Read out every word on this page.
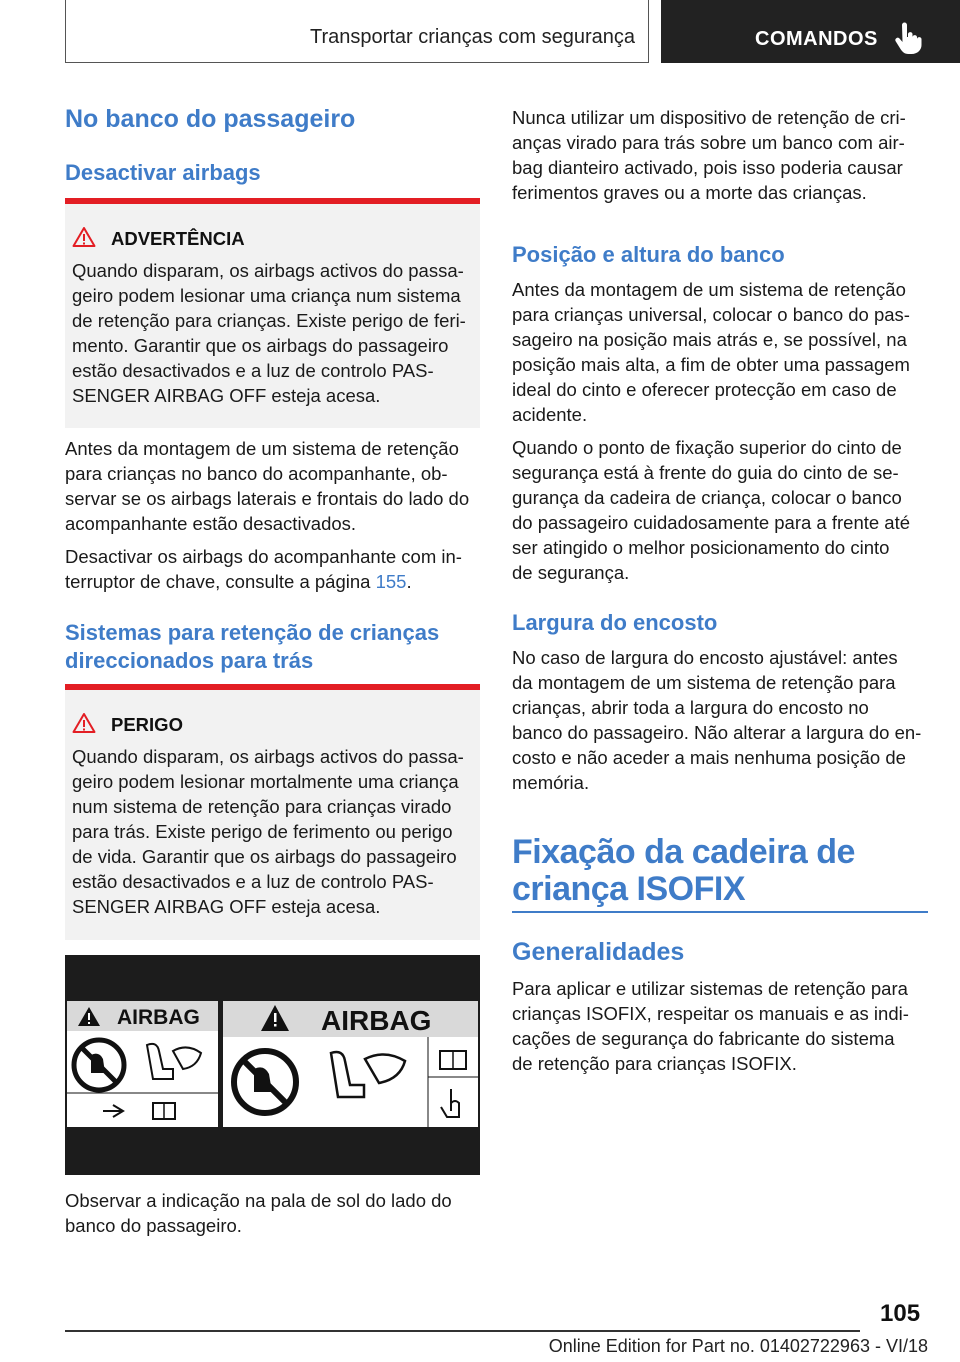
Transportar crianças com segurança	COMANDOS
No banco do passageiro
Desactivar airbags
ADVERTÊNCIA
Quando disparam, os airbags activos do passa-
geiro podem lesionar uma criança num sistema
de retenção para crianças. Existe perigo de feri-
mento. Garantir que os airbags do passageiro
estão desactivados e a luz de controlo PAS-
SENGER AIRBAG OFF esteja acesa.
Antes da montagem de um sistema de retenção
para crianças no banco do acompanhante, ob-
servar se os airbags laterais e frontais do lado do
acompanhante estão desactivados.
Desactivar os airbags do acompanhante com in-
terruptor de chave, consulte a página 155.
Sistemas para retenção de crianças
direccionados para trás
PERIGO
Quando disparam, os airbags activos do passa-
geiro podem lesionar mortalmente uma criança
num sistema de retenção para crianças virado
para trás. Existe perigo de ferimento ou perigo
de vida. Garantir que os airbags do passageiro
estão desactivados e a luz de controlo PAS-
SENGER AIRBAG OFF esteja acesa.
AIRBAG	AIRBAG
Observar a indicação na pala de sol do lado do
banco do passageiro.
Nunca utilizar um dispositivo de retenção de cri-
anças virado para trás sobre um banco com air-
bag dianteiro activado, pois isso poderia causar
ferimentos graves ou a morte das crianças.
Posição e altura do banco
Antes da montagem de um sistema de retenção
para crianças universal, colocar o banco do pas-
sageiro na posição mais atrás e, se possível, na
posição mais alta, a fim de obter uma passagem
ideal do cinto e oferecer protecção em caso de
acidente.
Quando o ponto de fixação superior do cinto de
segurança está à frente do guia do cinto de se-
gurança da cadeira de criança, colocar o banco
do passageiro cuidadosamente para a frente até
ser atingido o melhor posicionamento do cinto
de segurança.
Largura do encosto
No caso de largura do encosto ajustável: antes
da montagem de um sistema de retenção para
crianças, abrir toda a largura do encosto no
banco do passageiro. Não alterar a largura do en-
costo e não aceder a mais nenhuma posição de
memória.
Fixação da cadeira de
criança ISOFIX
Generalidades
Para aplicar e utilizar sistemas de retenção para
crianças ISOFIX, respeitar os manuais e as indi-
cações de segurança do fabricante do sistema
de retenção para crianças ISOFIX.
105
Online Edition for Part no. 01402722963 - VI/18
